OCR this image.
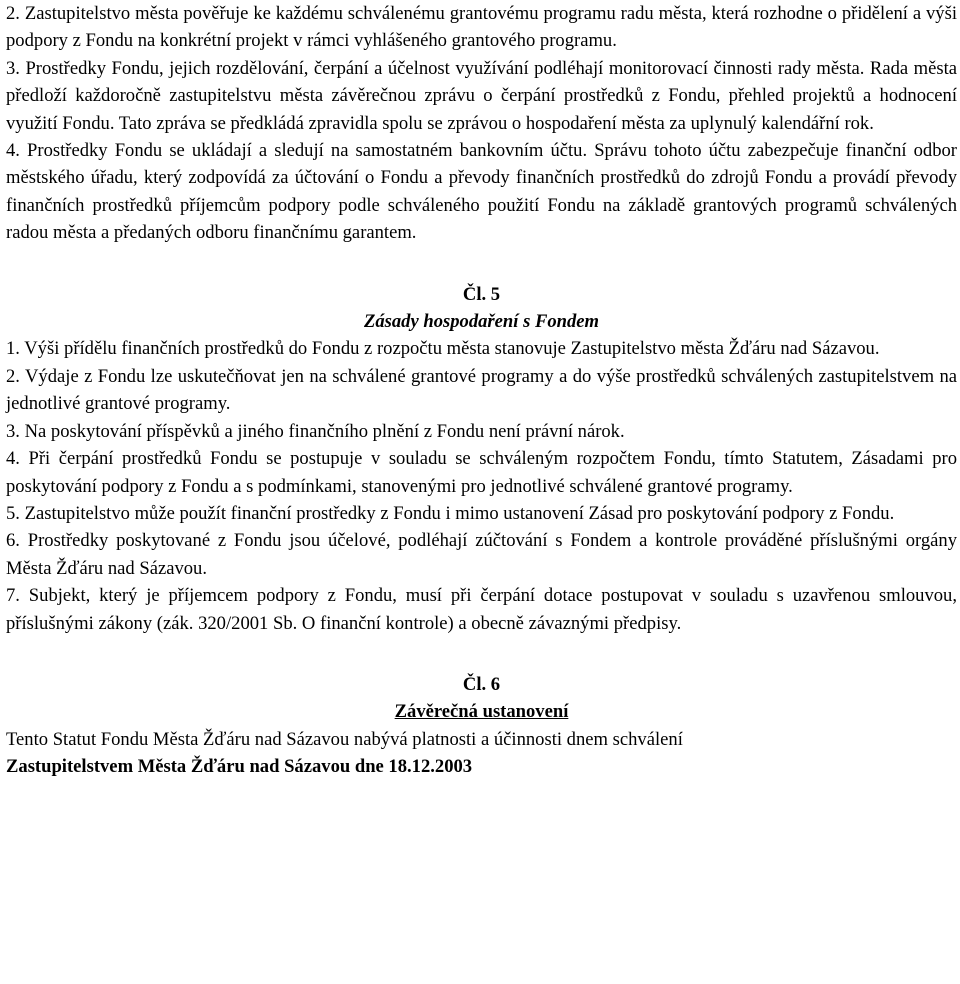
2. Zastupitelstvo města pověřuje ke každému schválenému grantovému programu radu města, která rozhodne o přidělení a výši podpory z Fondu na konkrétní projekt v rámci vyhlášeného grantového programu.

3. Prostředky Fondu, jejich rozdělování, čerpání a účelnost využívání podléhají monitorovací činnosti rady města. Rada města předloží každoročně zastupitelstvu města závěrečnou zprávu o čerpání prostředků z Fondu, přehled projektů a hodnocení využití Fondu. Tato zpráva se předkládá zpravidla spolu se zprávou o hospodaření města za uplynulý kalendářní rok.

4. Prostředky Fondu se ukládají a sledují na samostatném bankovním účtu. Správu tohoto účtu zabezpečuje finanční odbor městského úřadu, který zodpovídá za účtování o Fondu a převody finančních prostředků do zdrojů Fondu a provádí převody finančních prostředků příjemcům podpory podle schváleného použití Fondu na základě grantových programů schválených radou města a předaných odboru finančnímu garantem.

Čl. 5

Zásady hospodaření s Fondem

1. Výši přídělu finančních prostředků do Fondu z rozpočtu města stanovuje Zastupitelstvo města Žďáru nad Sázavou.

2. Výdaje z Fondu lze uskutečňovat jen na schválené grantové programy a do výše prostředků schválených zastupitelstvem na jednotlivé grantové programy.

3. Na poskytování příspěvků a jiného finančního plnění z Fondu není právní nárok.

4. Při čerpání prostředků Fondu se postupuje v souladu se schváleným rozpočtem Fondu, tímto Statutem, Zásadami pro poskytování podpory z Fondu a s podmínkami, stanovenými pro jednotlivé schválené grantové programy.

5. Zastupitelstvo může použít finanční prostředky z Fondu i mimo ustanovení Zásad pro poskytování podpory z Fondu.

6. Prostředky poskytované z Fondu jsou účelové, podléhají zúčtování s Fondem a kontrole prováděné příslušnými orgány Města Žďáru nad Sázavou.

7. Subjekt, který je příjemcem podpory z Fondu, musí při čerpání dotace postupovat v souladu s uzavřenou smlouvou, příslušnými zákony (zák. 320/2001 Sb. O finanční kontrole) a obecně závaznými předpisy.

Čl. 6

Závěrečná ustanovení

Tento Statut Fondu Města Žďáru nad Sázavou nabývá platnosti a účinnosti dnem schválení

Zastupitelstvem Města Žďáru nad Sázavou dne 18.12.2003
